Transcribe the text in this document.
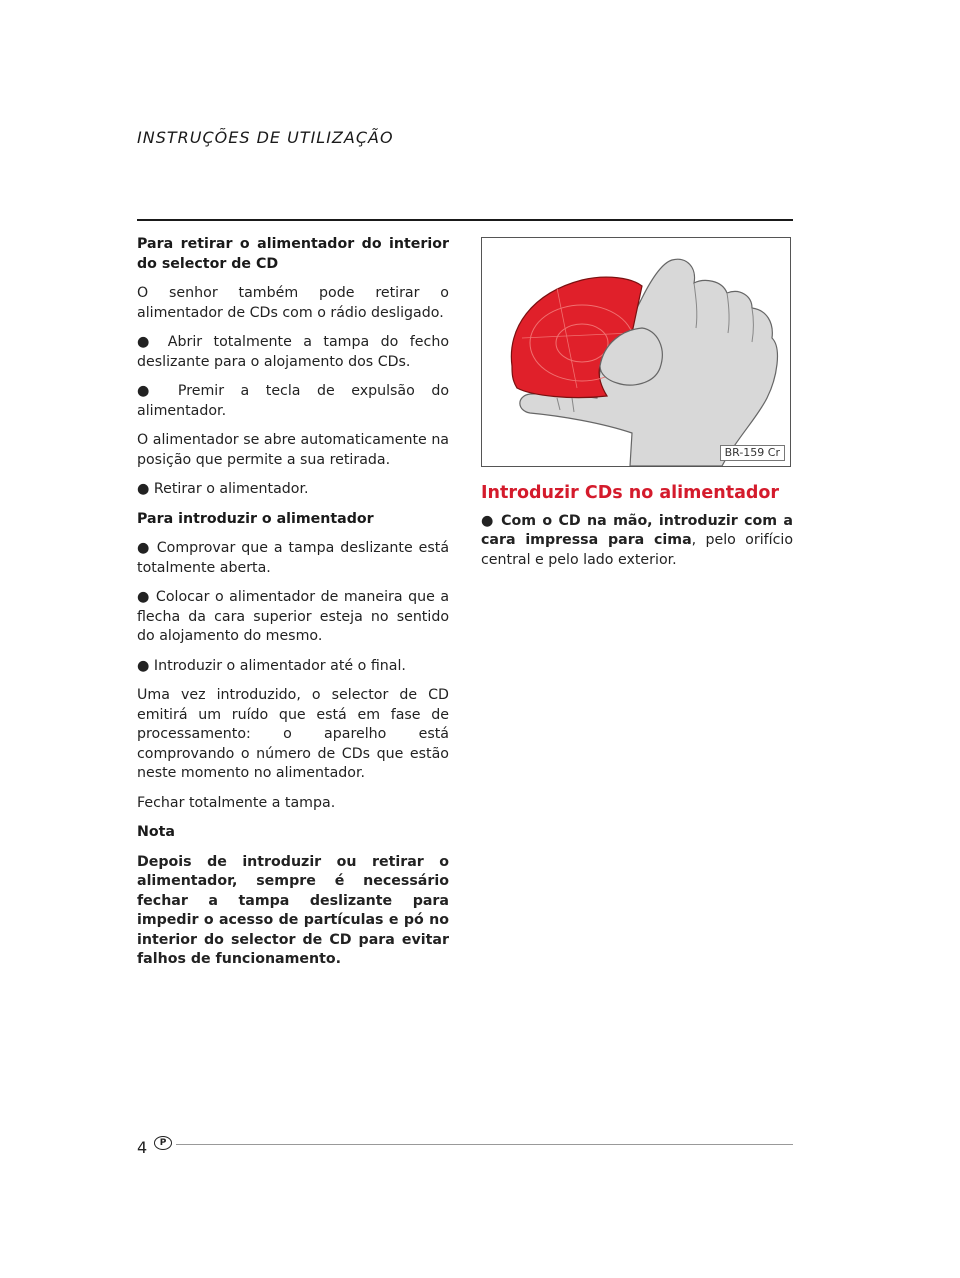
INSTRUÇÕES DE UTILIZAÇÃO

Para retirar o alimentador do interior do selector de CD

O senhor também pode retirar o alimentador de CDs com o rádio desligado.

● Abrir totalmente a tampa do fecho deslizante para o alojamento dos CDs.

● Premir a tecla de expulsão do alimentador.

O alimentador se abre automaticamente na posição que permite a sua retirada.

● Retirar o alimentador.

Para introduzir o alimentador

● Comprovar que a tampa deslizante está totalmente aberta.

● Colocar o alimentador de maneira que a flecha da cara superior esteja no sentido do alojamento do mesmo.

● Introduzir o alimentador até o final.

Uma vez introduzido, o selector de CD emitirá um ruído que está em fase de processamento: o aparelho está comprovando o número de CDs que estão neste momento no alimentador.

Fechar totalmente a tampa.

Nota

Depois de introduzir ou retirar o alimentador, sempre é necessário fechar a tampa deslizante para impedir o acesso de partículas e pó no interior do selector de CD para evitar falhos de funcionamento.

BR-159 Cr

Introduzir CDs no alimentador

● Com o CD na mão, introduzir com a cara impressa para cima, pelo orifício central e pelo lado exterior.

4	P
